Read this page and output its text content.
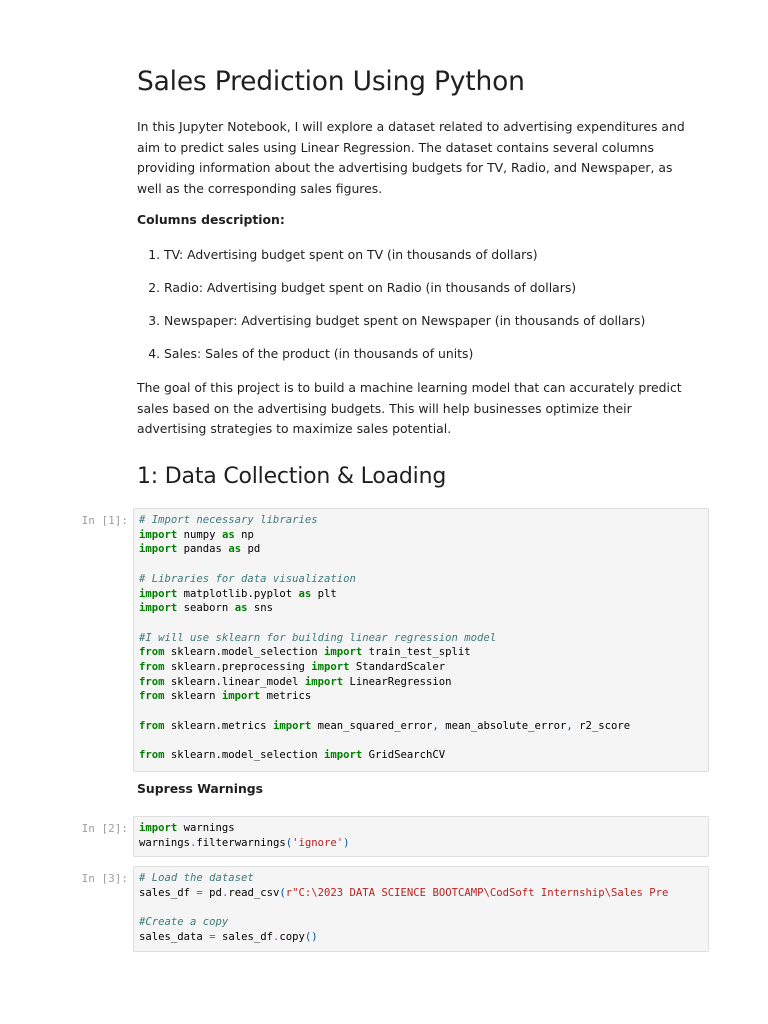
Sales Prediction Using Python

In this Jupyter Notebook, I will explore a dataset related to advertising expenditures and aim to predict sales using Linear Regression. The dataset contains several columns providing information about the advertising budgets for TV, Radio, and Newspaper, as well as the corresponding sales figures.

Columns description:

1. TV: Advertising budget spent on TV (in thousands of dollars)
2. Radio: Advertising budget spent on Radio (in thousands of dollars)
3. Newspaper: Advertising budget spent on Newspaper (in thousands of dollars)
4. Sales: Sales of the product (in thousands of units)

The goal of this project is to build a machine learning model that can accurately predict sales based on the advertising budgets. This will help businesses optimize their advertising strategies to maximize sales potential.

1: Data Collection & Loading
In [1]: # Import necessary libraries
import numpy as np
import pandas as pd

# Libraries for data visualization
import matplotlib.pyplot as plt
import seaborn as sns

#I will use sklearn for building linear regression model
from sklearn.model_selection import train_test_split
from sklearn.preprocessing import StandardScaler
from sklearn.linear_model import LinearRegression
from sklearn import metrics

from sklearn.metrics import mean_squared_error, mean_absolute_error, r2_score

from sklearn.model_selection import GridSearchCV

Supress Warnings

In [2]: import warnings
warnings.filterwarnings('ignore')
In [3]: # Load the dataset
sales_df = pd.read_csv(r"C:\2023 DATA SCIENCE BOOTCAMP\CodSoft Internship\Sales Pre

#Create a copy
sales_data = sales_df.copy()
